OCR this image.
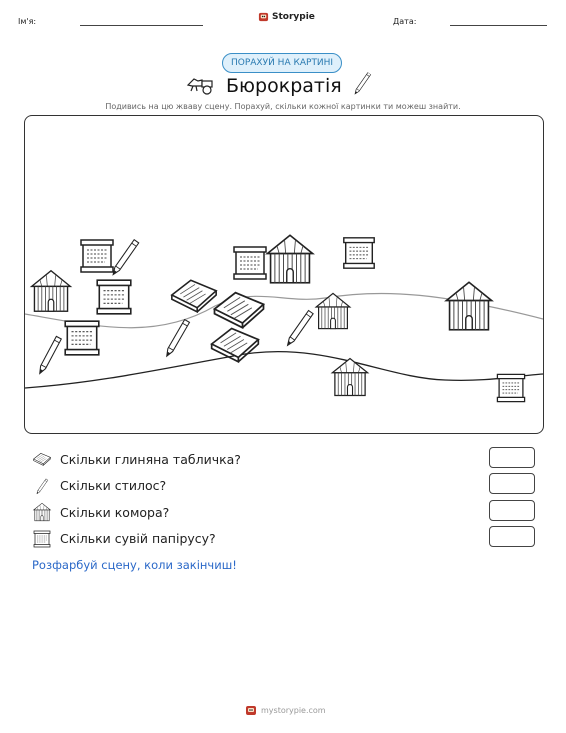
Ім'я:	Storypie	Дата:
ПОРАХУЙ НА КАРТИНІ
Бюрократія
Подивись на цю жваву сцену. Порахуй, скільки кожної картинки ти можеш знайти.
Скільки глиняна табличка?
Скільки стилос?
Скільки комора?
Скільки сувій папірусу?
Розфарбуй сцену, коли закінчиш!
mystorypie.com
